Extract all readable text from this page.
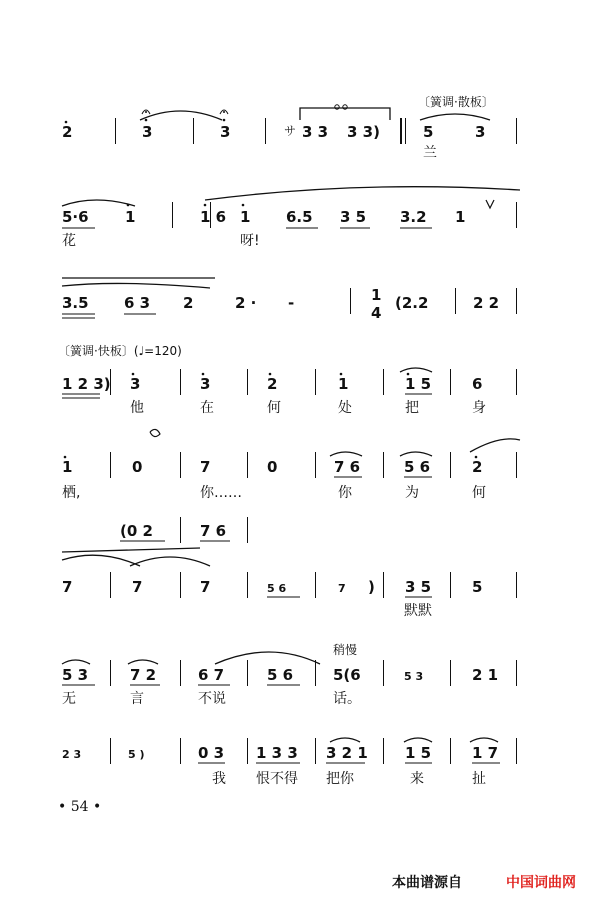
〔簧调·散板〕
2	3	3	サ 3 3 3 3)	5	3
兰
5·6 1	1 6 1 6.5 3 5 3.2 1
花	呀!
3.5 6 3 2	2 · -	1
4
(2.2	2 2
〔簧调·快板〕(♩=120)
1 2 3) 3	3	2	1	1 5	6
他	在	何	处	把	身
1	0	7	0	7 6	5 6	2
栖,	你……	你	为	何
(0 2	7 6
7	7	7	5 6	7 ) 3 5	5
默默
稍慢
5 3	7 2	6 7	5 6	5(6	5 3	2 1
无	言	不说	话。
2 3	5 )	0 3 1 3 3 3 2 1 1 5	1 7
我 恨不得 把你	来	扯
• 54 •
本曲谱源自	中国词曲网
